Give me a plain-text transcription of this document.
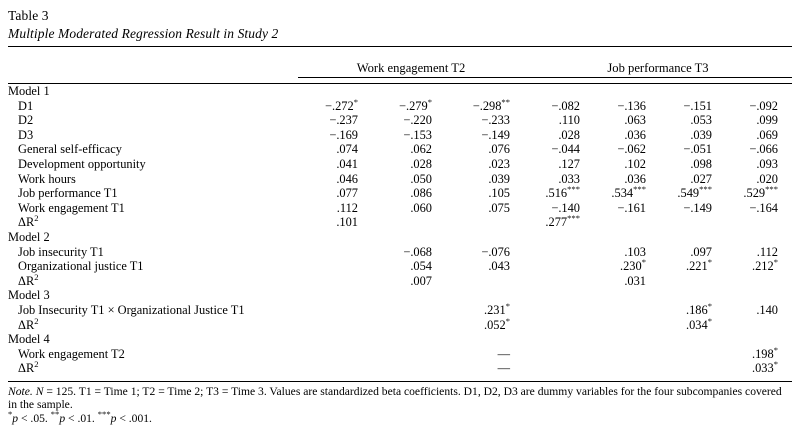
Table 3
Multiple Moderated Regression Result in Study 2

	Work engagement T2			Job performance T3			

Model 1							
D1	−.272*	−.279*	−.298**	−.082	−.136	−.151	−.092
D2	−.237	−.220	−.233	.110	.063	.053	.099
D3	−.169	−.153	−.149	.028	.036	.039	.069
General self-efficacy	.074	.062	.076	−.044	−.062	−.051	−.066
Development opportunity	.041	.028	.023	.127	.102	.098	.093
Work hours	.046	.050	.039	.033	.036	.027	.020
Job performance T1	.077	.086	.105	.516***	.534***	.549***	.529***
Work engagement T1	.112	.060	.075	−.140	−.161	−.149	−.164
$\Delta R^2$	.101			.277***			
Model 2							
Job insecurity T1		−.068	−.076		.103	.097	.112
Organizational justice T1		.054	.043		.230*	.221*	.212*
$\Delta R^2$		.007			.031		
Model 3							
Job Insecurity T1 × Organizational Justice T1			.231*			.186*	.140
$\Delta R^2$			.052*			.034*	
Model 4							
Work engagement T2			—				.198*
$\Delta R^2$			—				.033*

Note. N = 125. T1 = Time 1; T2 = Time 2; T3 = Time 3. Values are standardized beta coefficients. D1, D2, D3 are dummy variables for the four subcompanies covered in the sample.
*p < .05. **p < .01. ***p < .001.
